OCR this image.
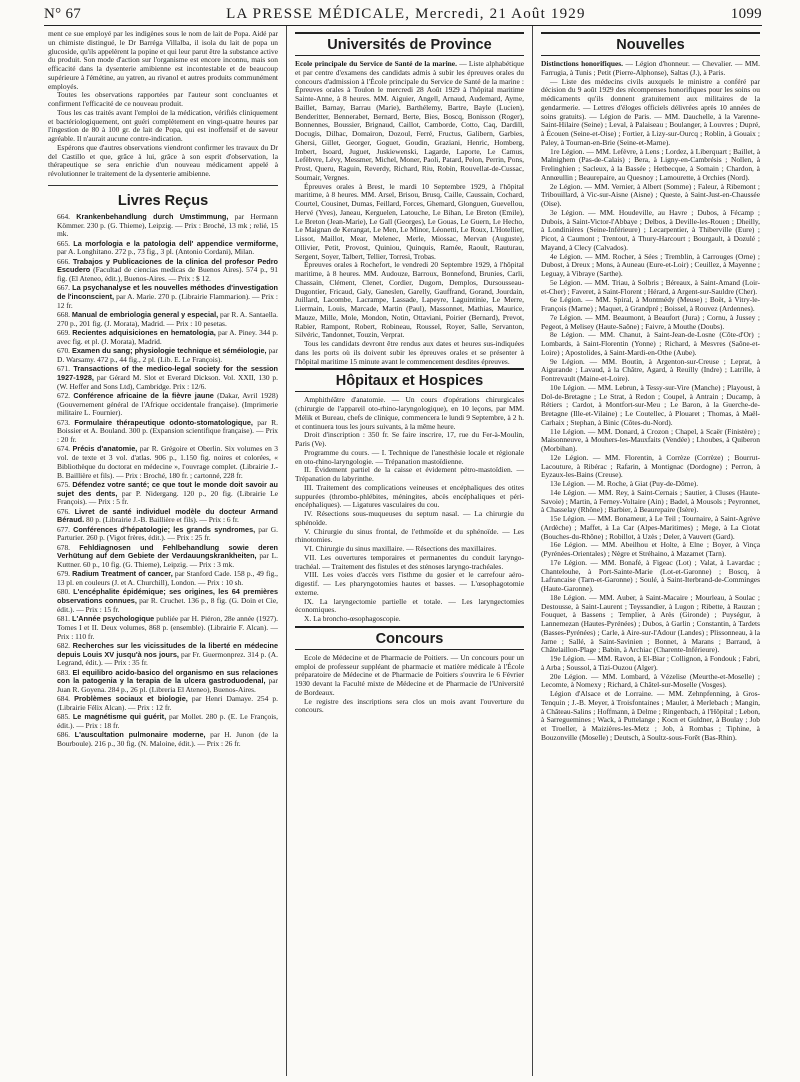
N° 67	LA PRESSE MÉDICALE, Mercredi, 21 Août 1929	1099

ment ce sue employé par les indigènes sous le nom de lait de Popa. Aidé par un chimiste distingué, le Dr Barréga Villalba, il isola du lait de popa un glucoside, qu'ils appelèrent la popine et qui leur parut être la substance active du produit. Son mode d'action sur l'organisme est encore inconnu, mais son efficacité dans la dysenterie amibienne est incontestable et de beaucoup supérieure à l'émétine, au yatren, au rivanol et autres produits communément employés.

Toutes les observations rapportées par l'auteur sont concluantes et confirment l'efficacité de ce nouveau produit.

Tous les cas traités avant l'emploi de la médication, vérifiés cliniquement et bactériologiquement, ont guéri complètement en vingt-quatre heures par l'ingestion de 80 à 100 gr. de lait de Popa, qui est inoffensif et de saveur agréable. Il n'aurait aucune contre-indication.

Espérons que d'autres observations viendront confirmer les travaux du Dr del Castillo et que, grâce à lui, grâce à son esprit d'observation, la thérapeutique se sera enrichie d'un nouveau médicament appelé à révolutionner le traitement de la dysenterie amibienne.

Livres Reçus

664. Krankenbehandlung durch Umstimmung, par Hermann Kömmer. 230 p. (G. Thieme), Leipzig. — Prix : Broché, 13 mk ; relié, 15 mk.

665. La morfologia e la patologia dell' appendice vermiforme, par A. Longhitano. 272 p., 73 fig., 3 pl. (Antonio Cordani), Milan.

666. Trabajos y Publicaciones de la clinica del profesor Pedro Escudero (Facultad de ciencias medicas de Buenos Aires). 574 p., 91 fig. (El Ateneo, édit.), Buenos-Aires. — Prix : $ 12.

667. La psychanalyse et les nouvelles méthodes d'investigation de l'inconscient, par A. Marie. 270 p. (Librairie Flammarion). — Prix : 12 fr.

668. Manual de embriologia general y especial, par R. A. Santaella. 270 p., 201 fig. (J. Morata), Madrid. — Prix : 10 pesetas.

669. Recientes adquisiciones en hematologia, par A. Piney. 344 p. avec fig. et pl. (J. Morata), Madrid.

670. Examen du sang; physiologie technique et séméiologie, par D. Warsamy. 472 p., 44 fig., 2 pl. (Lib. E. Le François).

671. Transactions of the medico-legal society for the session 1927-1928, par Gérard M. Slot et Everard Dickson. Vol. XXII, 130 p. (W. Heffer and Sons Ltd), Cambridge. Prix : 12/6.

672. Conférence africaine de la fièvre jaune (Dakar, Avril 1928) (Gouvernement général de l'Afrique occidentale française). (Imprimerie militaire L. Fournier).

673. Formulaire thérapeutique odonto-stomatologique, par R. Boissier et A. Bouland. 300 p. (Expansion scientifique française). — Prix : 20 fr.

674. Précis d'anatomie, par R. Grégoire et Oberlin. Six volumes en 3 vol. de texte et 3 vol. d'atlas. 906 p., 1.150 fig. noires et colorées, « Bibliothèque du doctorat en médecine », l'ouvrage complet. (Librairie J.-B. Baillière et fils). — Prix : Broché, 180 fr. ; cartonné, 228 fr.

675. Défendez votre santé; ce que tout le monde doit savoir au sujet des dents, par P. Nidergang. 120 p., 20 fig. (Librairie Le François). — Prix : 5 fr.

676. Livret de santé individuel modèle du docteur Armand Béraud. 80 p. (Librairie J.-B. Baillière et fils). — Prix : 6 fr.

677. Conférences d'hépatologie; les grands syndromes, par G. Parturier. 260 p. (Vigot frères, édit.). — Prix : 25 fr.

678. Fehldiagnosen und Fehlbehandlung sowie deren Verhütung auf dem Gebiete der Verdauungskrankheiten, par L. Kuttner. 60 p., 10 fig. (G. Thieme), Leipzig. — Prix : 3 mk.

679. Radium Treatment of cancer, par Stanford Cade. 158 p., 49 fig., 13 pl. en couleurs (J. et A. Churchill), London. — Prix : 10 sh.

680. L'encéphalite épidémique; ses origines, les 64 premières observations connues, par R. Cruchet. 136 p., 8 fig. (G. Doin et Cie, édit.). — Prix : 15 fr.

681. L'Année psychologique publiée par H. Piéron, 28e année (1927). Tomes I et II. Deux volumes, 868 p. (ensemble). (Librairie F. Alcan). — Prix : 110 fr.

682. Recherches sur les vicissitudes de la liberté en médecine depuis Louis XV jusqu'à nos jours, par Fr. Guermonprez. 314 p. (A. Legrand, édit.). — Prix : 35 fr.

683. El equilibro acido-basico del organismo en sus relaciones con la patogenia y la terapia de la ulcera gastroduodenal, par Juan R. Goyena. 284 p., 26 pl. (Libreria El Ateneo), Buenos-Aires.

684. Problèmes sociaux et biologie, par Henri Damaye. 254 p. (Librairie Félix Alcan). — Prix : 12 fr.

685. Le magnétisme qui guérit, par Mollet. 280 p. (E. Le François, édit.). — Prix : 18 fr.

686. L'auscultation pulmonaire moderne, par H. Junon (de la Bourboule). 216 p., 30 fig. (N. Maloine, édit.). — Prix : 26 fr.

Universités de Province

Ecole principale du Service de Santé de la marine. — Liste alphabétique et par centre d'examens des candidats admis à subir les épreuves orales du concours d'admission à l'École principale du Service de Santé de la marine : Épreuves orales à Toulon le mercredi 28 Août 1929 à l'hôpital maritime Sainte-Anne, à 8 heures. MM. Aiguier, Angell, Arnaud, Audemard, Ayme, Baillet, Barnay, Barrau (Marie), Barthélemy, Bartre, Bayle (Lucien), Benderitter, Bennerabet, Bernard, Berte, Bies, Boscq, Bonisson (Roger), Bonnennes, Boussier, Brignaud, Caillot, Camborde, Cotto, Caq, Dardill, Docugis, Dilhac, Domairon, Dozoul, Ferré, Fructus, Galibern, Garbies, Ghersi, Gillet, Georger, Goguet, Goudin, Graziani, Henric, Homberg, Imbert, Isoard, Juguet, Juskiewenski, Lagarde, Laporte, Le Camus, Lefèbvre, Lévy, Messmer, Michel, Moner, Paoli, Patard, Pelon, Perrin, Pons, Prost, Queru, Raguin, Reverdy, Richard, Riu, Robin, Rouvellat-de-Cussac, Soumair, Vergnes.

Épreuves orales à Brest, le mardi 10 Septembre 1929, à l'hôpital maritime, à 8 heures. MM. Arsel, Brisou, Brusq, Caille, Caussain, Cochard, Courtel, Cousinet, Dumas, Feillard, Forces, Ghemard, Glonguen, Guevellou, Hervé (Yves), Janeau, Kerguelen, Latouche, Le Bihan, Le Breton (Emile), Le Breton (Jean-Marie), Le Gall (Georges), Le Gouas, Le Guern, Le Hecho, Le Maignan de Kerangat, Le Men, Le Minor, Léonetti, Le Roux, L'Hotellier, Lissot, Maillot, Mear, Melenec, Merle, Miossac, Mervan (Auguste), Ollivier, Petit, Provost, Quiniou, Quinquis, Ramée, Raoult, Rauturau, Sergent, Soyer, Talbert, Tellier, Torresi, Trobas.

Épreuves orales à Rochefort, le vendredi 20 Septembre 1929, à l'hôpital maritime, à 8 heures. MM. Audouze, Barroux, Bonnefond, Brunies, Carli, Chassain, Clément, Clenet, Cordier, Dugorn, Demplos, Dursousseau-Dugontier, Fricaud, Galy, Ganeslen, Garelly, Gauffrand, Gorand, Jourdain, Juillard, Lacombe, Lacrampe, Lassade, Lapeyre, Laguintinie, Le Merre, Liermain, Louis, Marcade, Martin (Paul), Massonnet, Mathias, Maurice, Mauze, Mille, Mole, Mondon, Notin, Ottaviani, Poirier (Bernard), Prevot, Rabier, Rampont, Robert, Robineau, Roussel, Royer, Salle, Servanton, Silvéric, Tandonnet, Touzin, Verprat.

Tous les candidats devront être rendus aux dates et heures sus-indiquées dans les ports où ils doivent subir les épreuves orales et se présenter à l'hôpital maritime 15 minute avant le commencement desdites épreuves.

Hôpitaux et Hospices

Amphithéâtre d'anatomie. — Un cours d'opérations chirurgicales (chirurgie de l'appareil oto-rhino-laryngologique), en 10 leçons, par MM. Mélik et Bureau, chefs de clinique, commencera le lundi 9 Septembre, à 2 h. et continuera tous les jours suivants, à la même heure.

Droit d'inscription : 350 fr. Se faire inscrire, 17, rue du Fer-à-Moulin, Paris (Ve).

Programme du cours. — I. Technique de l'anesthésie locale et régionale en oto-rhino-laryngologie. — Trépanation mastoïdienne.

II. Évidement partiel de la caisse et évidement pétro-mastoïdien. — Trépanation du labyrinthe.

III. Traitement des complications veineuses et encéphaliques des otites suppurées (thrombo-phlébites, méningites, abcès encéphaliques et péri-encéphaliques). — Ligatures vasculaires du cou.

IV. Résections sous-muqueuses du septum nasal. — La chirurgie du sphénoïde.

V. Chirurgie du sinus frontal, de l'ethmoïde et du sphénoïde. — Les rhinotomies.

VI. Chirurgie du sinus maxillaire. — Résections des maxillaires.

VII. Les ouvertures temporaires et permanentes du conduit laryngo-trachéal. — Traitement des fistules et des sténoses laryngo-trachéales.

VIII. Les voies d'accès vers l'isthme du gosier et le carrefour aéro-digestif. — Les pharyngotomies hautes et basses. — L'œsophagotomie externe.

IX. La laryngectomie partielle et totale. — Les laryngectomies économiques.

X. La broncho-œsophagoscopie.

Concours

Ecole de Médecine et de Pharmacie de Poitiers. — Un concours pour un emploi de professeur suppléant de pharmacie et matière médicale à l'École préparatoire de Médecine et de Pharmacie de Poitiers s'ouvrira le 6 Février 1930 devant la Faculté mixte de Médecine et de Pharmacie de l'Université de Bordeaux.

Le registre des inscriptions sera clos un mois avant l'ouverture du concours.

Nouvelles

Distinctions honorifiques. — Légion d'honneur. — Chevalier. — MM. Farrugia, à Tunis ; Petit (Pierre-Alphonse), Saltas (J.), à Paris.

— Liste des médecins civils auxquels le ministre a conféré par décision du 9 août 1929 des récompenses honorifiques pour les soins ou médicaments qu'ils donnent gratuitement aux militaires de la gendarmerie. — Lettres d'éloges officiels délivrées après 10 années de soins gratuits). — Légion de Paris. — MM. Dauchelle, à la Varenne-Saint-Hilaire (Seine) ; Leval, à Palaiseau ; Boulanger, à Louvres ; Dupré, à Écouen (Seine-et-Oise) ; Fortier, à Lizy-sur-Ourcq ; Roblin, à Gouaix ; Paley, à Tournan-en-Brie (Seine-et-Marne).

1re Légion. — MM. Lefèvre, à Lens ; Lordez, à Liberquart ; Baillet, à Malnighem (Pas-de-Calais) ; Bera, à Ligny-en-Cambrésis ; Nollen, à Frelinghien ; Sacleux, à la Bassée ; Hetbecque, à Somain ; Chardon, à Annœullin ; Beaurepaire, au Quesnoy ; Lamourette, à Orchies (Nord).

2e Légion. — MM. Vernier, à Albert (Somme) ; Faleur, à Ribemont ; Tribouillard, à Vic-sur-Aisne (Aisne) ; Queste, à Saint-Just-en-Chaussée (Oise).

3e Légion. — MM. Houdeville, au Havre ; Dubos, à Fécamp ; Dubois, à Saint-Victor-l'Abbaye ; Delbos, à Deville-les-Rouen ; Dheilly, à Londinières (Seine-Inférieure) ; Lecarpentier, à Thiberville (Eure) ; Picot, à Caumont ; Trentout, à Thury-Harcourt ; Bourgault, à Dozulé ; Mayand, à Clecy (Calvados).

4e Légion. — MM. Rocher, à Sées ; Tremblin, à Carrouges (Orne) ; Dubost, à Dreux ; Mons, à Auneau (Eure-et-Loir) ; Ceuillez, à Mayenne ; Leguay, à Vibraye (Sarthe).

5e Légion. — MM. Triau, à Solbris ; Béreaux, à Saint-Amand (Loir-et-Cher) ; Faveret, à Saint-Florent ; Hérard, à Argent-sur-Sauldre (Cher).

6e Légion. — MM. Spiral, à Montmédy (Meuse) ; Boët, à Vitry-le-François (Marne) ; Maquet, à Grandpré ; Boissel, à Rouvez (Ardennes).

7e Légion. — MM. Beaumont, à Beaufort (Jura) ; Cornu, à Jussey ; Pegeot, à Melisey (Haute-Saône) ; Faivre, à Mouthe (Doubs).

8e Légion. — MM. Chanut, à Saint-Jean-de-Losne (Côte-d'Or) ; Lombards, à Saint-Florentin (Yonne) ; Richard, à Mesvres (Saône-et-Loire) ; Apostolides, à Saint-Mardi-en-Othe (Aube).

9e Légion. — MM. Boutin, à Argenton-sur-Creuse ; Leprat, à Aigurande ; Lavaud, à la Châtre, Agard, à Reuilly (Indre) ; Latrille, à Fontrevault (Maine-et-Loire).

10e Légion. — MM. Lebrun, à Tessy-sur-Vire (Manche) ; Playoust, à Dol-de-Bretagne ; Le Strat, à Redon ; Coupel, à Antrain ; Ducamp, à Rétiers ; Cardot, à Montfort-sur-Meu ; Le Baron, à la Guerche-de-Bretagne (Ille-et-Vilaine) ; Le Coutellec, à Plouaret ; Thomas, à Maël-Carhaix ; Stephan, à Binic (Côtes-du-Nord).

11e Légion. — MM. Donard, à Crozon ; Chapel, à Scaër (Finistère) ; Maisonneuve, à Mouhers-les-Mauxfaits (Vendée) ; Lhoubes, à Quiberon (Morbihan).

12e Légion. — MM. Florentin, à Corrèze (Corrèze) ; Bourrut-Lacouture, à Ribérac ; Rafarin, à Montignac (Dordogne) ; Perron, à Eyzaux-les-Bains (Creuse).

13e Légion. — M. Roche, à Giat (Puy-de-Dôme).

14e Légion. — MM. Rey, à Saint-Cernais ; Sautier, à Cluses (Haute-Savoie) ; Martin, à Ferney-Voltaire (Ain) ; Badel, à Mousols ; Peyronnet, à Chasselay (Rhône) ; Barbier, à Beaurepaire (Isère).

15e Légion. — MM. Bonameur, à Le Teil ; Tournaire, à Saint-Agrève (Ardèche) ; Maffet, à La Car (Alpes-Maritimes) ; Mege, à La Ciotat (Bouches-du-Rhône) ; Robillot, à Uzès ; Deler, à Vauvert (Gard).

16e Légion. — MM. Abeilhou et Holte, à Elne ; Boyer, à Vinça (Pyrénées-Orientales) ; Nègre et Stréhaino, à Mazamet (Tarn).

17e Légion. — MM. Bonafé, à Figeac (Lot) ; Valat, à Lavardac ; Chantelouhe, à Port-Sainte-Marie (Lot-et-Garonne) ; Boscq, à Lafrancaise (Tarn-et-Garonne) ; Soulé, à Saint-Iterbrand-de-Comminges (Haute-Garonne).

18e Légion. — MM. Auber, à Saint-Macaire ; Mourleau, à Soulac ; Destousse, à Saint-Laurent ; Teyssandier, à Lugon ; Ribette, à Rauzan ; Fouquet, à Bassens ; Templier, à Arès (Gironde) ; Puységur, à Lannemezan (Hautes-Pyrénées) ; Dubos, à Garlin ; Constantin, à Tardets (Basses-Pyrénées) ; Carle, à Aire-sur-l'Adour (Landes) ; Plissonneau, à la Jarne ; Sallé, à Saint-Savinien ; Bonnet, à Marans ; Barraud, à Châtelaillon-Plage ; Babin, à Archiac (Charente-Inférieure).

19e Légion. — MM. Ravon, à El-Biar ; Collignon, à Fondouk ; Fabri, à Arba ; Soussol, à Tizi-Ouzou (Alger).

20e Légion. — MM. Lombard, à Vézelise (Meurthe-et-Moselle) ; Lecomte, à Nomexy ; Richard, à Châtel-sur-Moselle (Vosges).

Légion d'Alsace et de Lorraine. — MM. Zehnpfenning, à Gros-Tenquin ; J.-B. Meyer, à Troisfontaines ; Mauler, à Merlebach ; Mangin, à Château-Salins ; Hoffmann, à Delme ; Ringenbach, à l'Hôpital ; Lebon, à Sarreguemines ; Wack, à Puttelange ; Kocn et Guldner, à Boulay ; Job et Troeller, à Maizières-les-Metz ; Job, à Rombas ; Tiphine, à Bouzonville (Moselle) ; Deutsch, à Soultz-sous-Forêt (Bas-Rhin).
